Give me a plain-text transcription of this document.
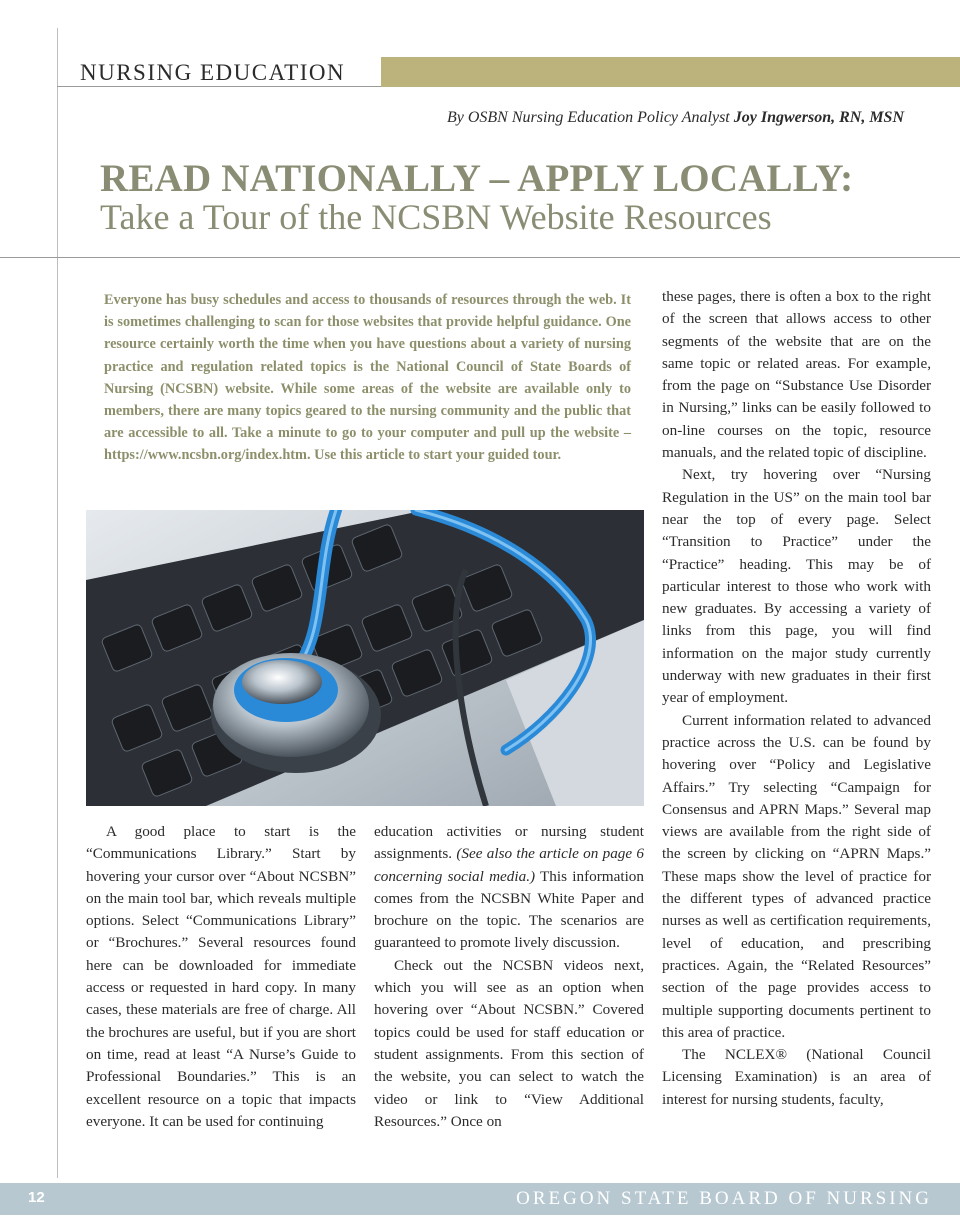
NURSING EDUCATION
By OSBN Nursing Education Policy Analyst Joy Ingwerson, RN, MSN
READ NATIONALLY – APPLY LOCALLY:
Take a Tour of the NCSBN Website Resources
Everyone has busy schedules and access to thousands of resources through the web. It is sometimes challenging to scan for those websites that provide helpful guidance. One resource certainly worth the time when you have questions about a variety of nursing practice and regulation related topics is the National Council of State Boards of Nursing (NCSBN) website. While some areas of the website are available only to members, there are many topics geared to the nursing community and the public that are accessible to all. Take a minute to go to your computer and pull up the website – https://www.ncsbn.org/index.htm. Use this article to start your guided tour.

A good place to start is the “Communications Library.” Start by hovering your cursor over “About NCSBN” on the main tool bar, which reveals multiple options. Select “Communications Library” or “Brochures.” Several resources found here can be downloaded for immediate access or requested in hard copy. In many cases, these materials are free of charge. All the brochures are useful, but if you are short on time, read at least “A Nurse’s Guide to Professional Boundaries.” This is an excellent resource on a topic that impacts everyone. It can be used for continuing

education activities or nursing student assignments. (See also the article on page 6 concerning social media.) This information comes from the NCSBN White Paper and brochure on the topic. The scenarios are guaranteed to promote lively discussion.

Check out the NCSBN videos next, which you will see as an option when hovering over “About NCSBN.” Covered topics could be used for staff education or student assignments. From this section of the website, you can select to watch the video or link to “View Additional Resources.” Once on

these pages, there is often a box to the right of the screen that allows access to other segments of the website that are on the same topic or related areas. For example, from the page on “Substance Use Disorder in Nursing,” links can be easily followed to on-line courses on the topic, resource manuals, and the related topic of discipline.

Next, try hovering over “Nursing Regulation in the US” on the main tool bar near the top of every page. Select “Transition to Practice” under the “Practice” heading. This may be of particular interest to those who work with new graduates. By accessing a variety of links from this page, you will find information on the major study currently underway with new graduates in their first year of employment.

Current information related to advanced practice across the U.S. can be found by hovering over “Policy and Legislative Affairs.” Try selecting “Campaign for Consensus and APRN Maps.” Several map views are available from the right side of the screen by clicking on “APRN Maps.” These maps show the level of practice for the different types of advanced practice nurses as well as certification requirements, level of education, and prescribing practices. Again, the “Related Resources” section of the page provides access to multiple supporting documents pertinent to this area of practice.

The NCLEX® (National Council Licensing Examination) is an area of interest for nursing students, faculty,

12	OREGON STATE BOARD OF NURSING
